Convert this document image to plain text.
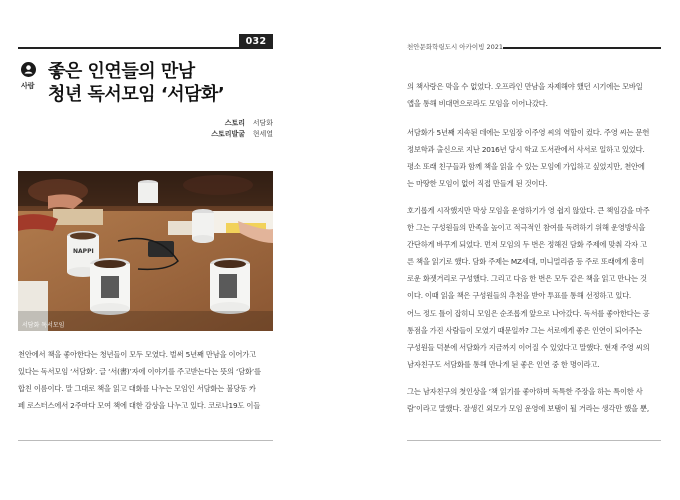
032	천안문화학링도시 아카이빙 2021
사람
좋은 인연들의 만남
청년 독서모임 ‘서담화’
스토리 서담화
스토리발굴 현세열
NAPPI
서담화 독서모임
천안에서 책을 좋아한다는 청년들이 모두 모였다. 벌써 5년째 만남을 이어가고
있다는 독서모임 ‘서담화’. 글 ‘서(書)’자에 이야기를 주고받는다는 뜻의 ‘담화’를
합친 이름이다. 말 그대로 책을 읽고 대화를 나누는 모임인 서담화는 불당동 카
페 로스터스에서 2주마다 모여 책에 대한 감상을 나누고 있다. 코로나19도 이들
의 책사랑은 막을 수 없었다. 오프라인 만남을 자제해야 했던 시기에는 모바일
앱을 통해 비대면으로라도 모임을 이어나갔다.
서담화가 5년째 지속된 데에는 모임장 이주영 씨의 역할이 컸다. 주영 씨는 문헌
정보학과 출신으로 지난 2016년 당시 학교 도서관에서 사서로 일하고 있었다.
평소 또래 친구들과 함께 책을 읽을 수 있는 모임에 가입하고 싶었지만, 천안에
는 마땅한 모임이 없어 직접 만들게 된 것이다.
호기롭게 시작했지만 막상 모임을 운영하기가 영 쉽지 않았다. 큰 책임감을 마주
한 그는 구성원들의 만족을 높이고 적극적인 참여를 독려하기 위해 운영방식을
간단하게 바꾸게 되었다. 먼저 모임의 두 번은 정해진 담화 주제에 맞춰 각자 고
른 책을 읽기로 했다. 담화 주제는 MZ세대, 미니멀리즘 등 주로 또래에게 흥미
로운 화젯거리로 구성했다. 그리고 다음 한 번은 모두 같은 책을 읽고 만나는 것
이다. 이때 읽을 책은 구성원들의 추천을 받아 투표를 통해 선정하고 있다.
어느 정도 틀이 잡히니 모임은 순조롭게 앞으로 나아갔다. 독서를 좋아한다는 공
통점을 가진 사람들이 모였기 때문일까? 그는 서로에게 좋은 인연이 되어주는
구성원들 덕분에 서담화가 지금까지 이어질 수 있었다고 말했다. 현재 주영 씨의
남자친구도 서담화를 통해 만나게 된 좋은 인연 중 한 명이라고.
그는 남자친구의 첫인상을 ‘책 읽기를 좋아하며 독특한 주장을 하는 특이한 사
람’이라고 말했다. 잘생긴 외모가 모임 운영에 보탬이 될 거라는 생각만 했을 뿐,
